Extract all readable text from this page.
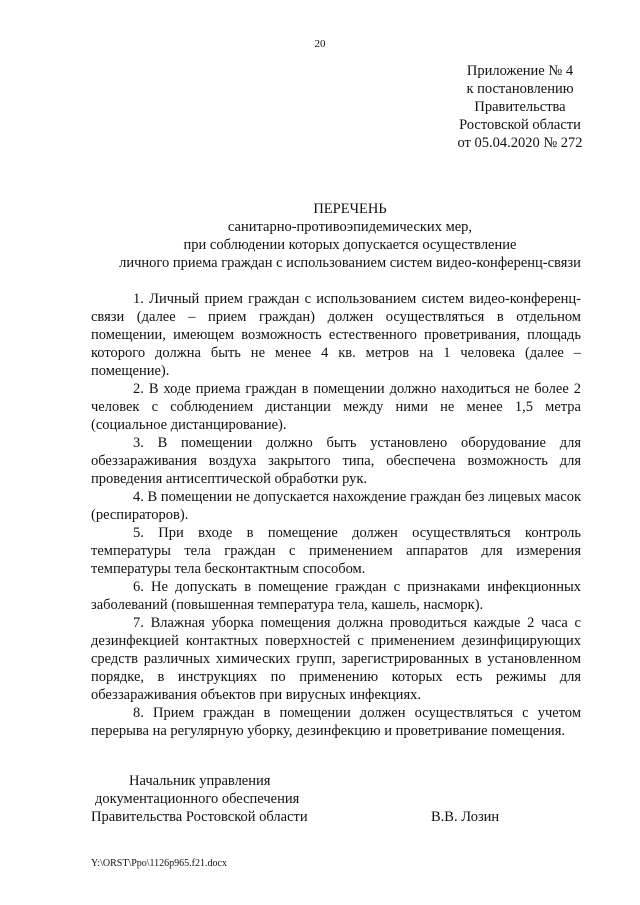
20
Приложение № 4
к постановлению
Правительства
Ростовской области
от 05.04.2020 № 272
ПЕРЕЧЕНЬ
санитарно-противоэпидемических мер,
при соблюдении которых допускается осуществление
личного приема граждан с использованием систем видео-конференц-связи

1. Личный прием граждан с использованием систем видео-конференц-связи (далее – прием граждан) должен осуществляться в отдельном помещении, имеющем возможность естественного проветривания, площадь которого должна быть не менее 4 кв. метров на 1 человека (далее – помещение).

2. В ходе приема граждан в помещении должно находиться не более 2 человек с соблюдением дистанции между ними не менее 1,5 метра (социальное дистанцирование).

3. В помещении должно быть установлено оборудование для обеззараживания воздуха закрытого типа, обеспечена возможность для проведения антисептической обработки рук.

4. В помещении не допускается нахождение граждан без лицевых масок (респираторов).

5. При входе в помещение должен осуществляться контроль температуры тела граждан с применением аппаратов для измерения температуры тела бесконтактным способом.

6. Не допускать в помещение граждан с признаками инфекционных заболеваний (повышенная температура тела, кашель, насморк).

7. Влажная уборка помещения должна проводиться каждые 2 часа с дезинфекцией контактных поверхностей с применением дезинфицирующих средств различных химических групп, зарегистрированных в установленном порядке, в инструкциях по применению которых есть режимы для обеззараживания объектов при вирусных инфекциях.

8. Прием граждан в помещении должен осуществляться с учетом перерыва на регулярную уборку, дезинфекцию и проветривание помещения.

Начальник управления
документационного обеспечения
Правительства Ростовской области	В.В. Лозин
Y:\ORST\Ppo\1126p965.f21.docx
